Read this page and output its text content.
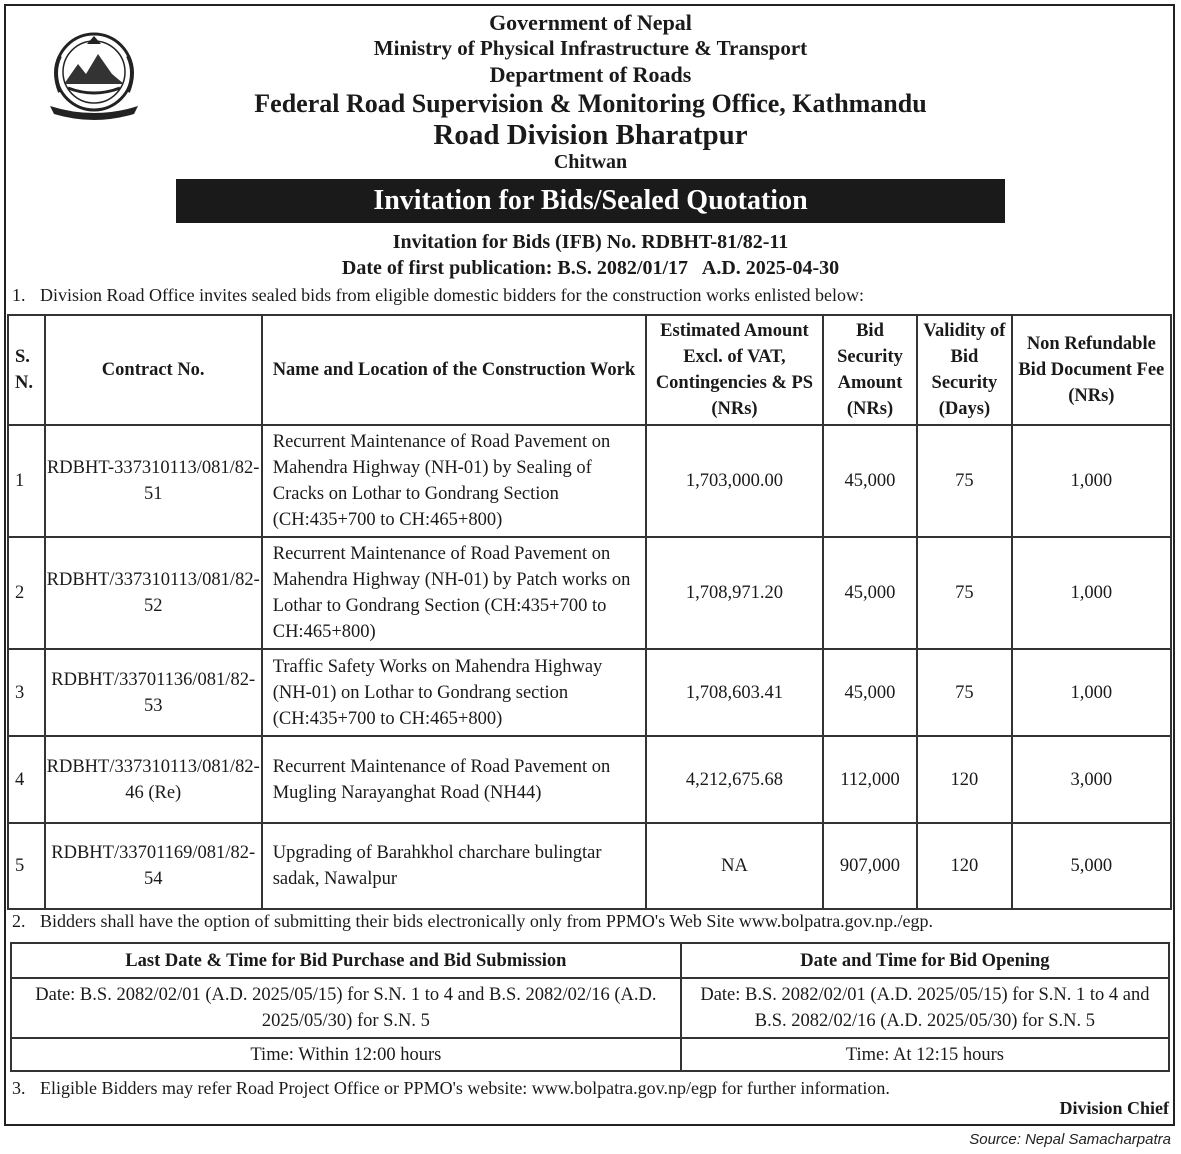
Government of Nepal
Ministry of Physical Infrastructure & Transport
Department of Roads
Federal Road Supervision & Monitoring Office, Kathmandu
Road Division Bharatpur
Chitwan
Invitation for Bids/Sealed Quotation
Invitation for Bids (IFB) No. RDBHT-81/82-11
Date of first publication: B.S. 2082/01/17   A.D. 2025-04-30
1. Division Road Office invites sealed bids from eligible domestic bidders for the construction works enlisted below:
S. N.	Contract No.	Name and Location of the Construction Work	Estimated Amount Excl. of VAT, Contingencies & PS (NRs)	Bid Security Amount (NRs)	Validity of Bid Security (Days)	Non Refundable Bid Document Fee (NRs)
1	RDBHT-337310113/081/82-51	Recurrent Maintenance of Road Pavement on Mahendra Highway (NH-01) by Sealing of Cracks on Lothar to Gondrang Section (CH:435+700 to CH:465+800)	1,703,000.00	45,000	75	1,000
2	RDBHT/337310113/081/82-52	Recurrent Maintenance of Road Pavement on Mahendra Highway (NH-01) by Patch works on Lothar to Gondrang Section (CH:435+700 to CH:465+800)	1,708,971.20	45,000	75	1,000
3	RDBHT/33701136/081/82-53	Traffic Safety Works on Mahendra Highway (NH-01) on Lothar to Gondrang section (CH:435+700 to CH:465+800)	1,708,603.41	45,000	75	1,000
4	RDBHT/337310113/081/82-46 (Re)	Recurrent Maintenance of Road Pavement on Mugling Narayanghat Road (NH44)	4,212,675.68	112,000	120	3,000
5	RDBHT/33701169/081/82-54	Upgrading of Barahkhol charchare bulingtar sadak, Nawalpur	NA	907,000	120	5,000
2. Bidders shall have the option of submitting their bids electronically only from PPMO's Web Site www.bolpatra.gov.np./egp.
Last Date & Time for Bid Purchase and Bid Submission	Date and Time for Bid Opening
Date: B.S. 2082/02/01 (A.D. 2025/05/15) for S.N. 1 to 4 and B.S. 2082/02/16 (A.D. 2025/05/30) for S.N. 5	Date: B.S. 2082/02/01 (A.D. 2025/05/15) for S.N. 1 to 4 and B.S. 2082/02/16 (A.D. 2025/05/30) for S.N. 5
Time: Within 12:00 hours	Time: At 12:15 hours
3. Eligible Bidders may refer Road Project Office or PPMO's website: www.bolpatra.gov.np/egp for further information.
Division Chief
Source: Nepal Samacharpatra
